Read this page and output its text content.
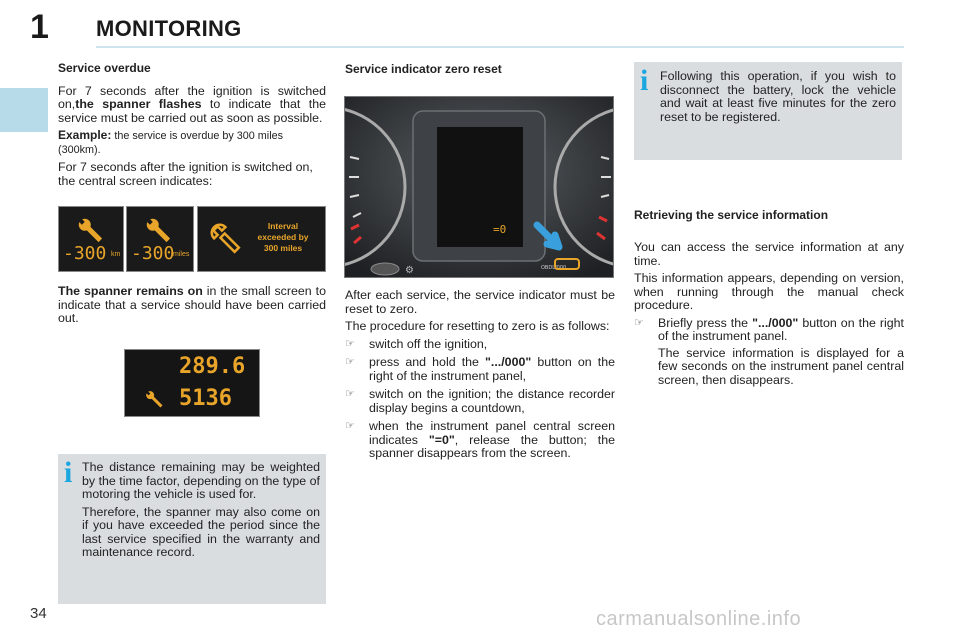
1 MONITORING

Service overdue

For 7 seconds after the ignition is switched on,the spanner flashes to indicate that the service must be carried out as soon as possible.

Example: the service is overdue by 300 miles (300km).

For 7 seconds after the ignition is switched on, the central screen indicates:

-300 km -300
miles
Interval
exceeded by
300 miles
The spanner remains on in the small screen to indicate that a service should have been carried out.
289.6
5136
i The distance remaining may be weighted by the time factor, depending on the type of motoring the vehicle is used for.

Therefore, the spanner may also come on if you have exceeded the period since the last service specified in the warranty and maintenance record.

Service indicator zero reset
=0
⚙	OBDL/000

After each service, the service indicator must be reset to zero.

The procedure for resetting to zero is as follows:

☞ switch off the ignition,
☞ press and hold the ".../000" button on the right of the instrument panel,
☞ switch on the ignition; the distance recorder display begins a countdown,
☞ when the instrument panel central screen indicates "=0", release the button; the spanner disappears from the screen.
i Following this operation, if you wish to disconnect the battery, lock the vehicle and wait at least five minutes for the zero reset to be registered.
Retrieving the service information

You can access the service information at any time.

This information appears, depending on version, when running through the manual check procedure.

☞ Briefly press the ".../000" button on the right of the instrument panel.

The service information is displayed for a few seconds on the instrument panel central screen, then disappears.

34	carmanualsonline.info
